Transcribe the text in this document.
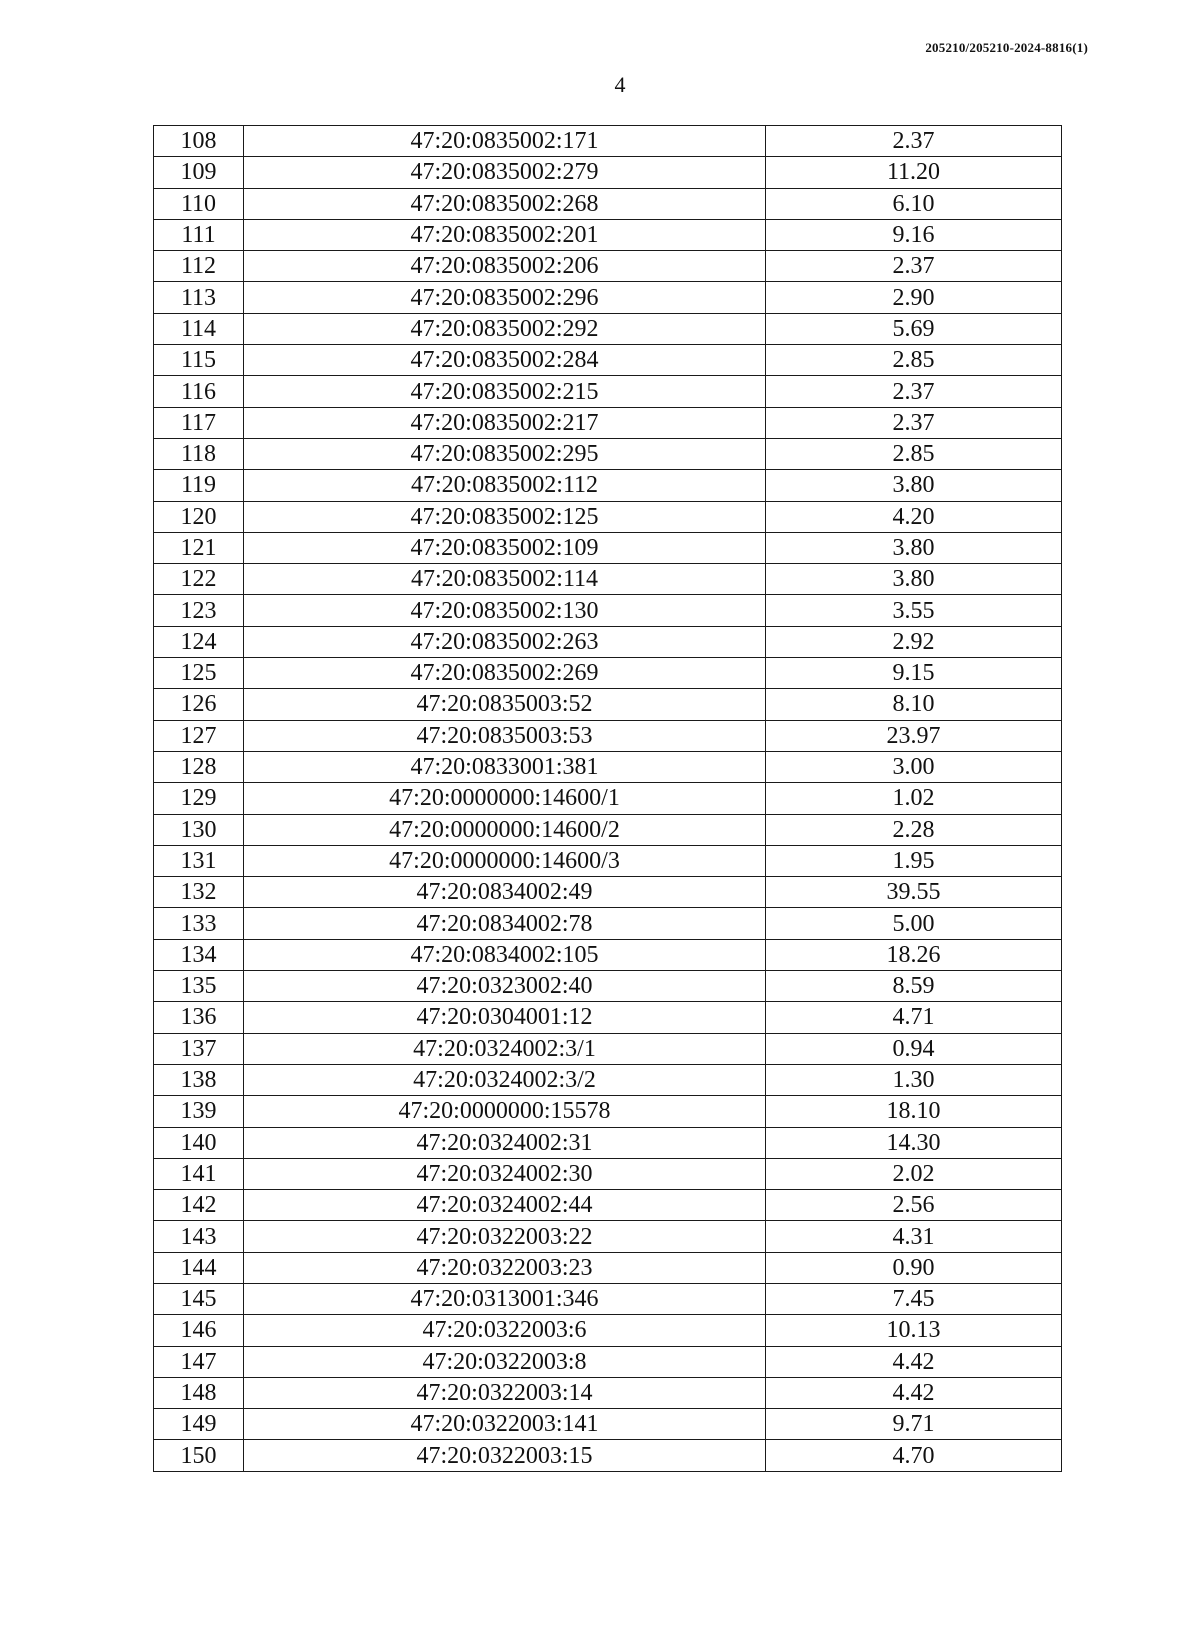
205210/205210-2024-8816(1)
4
108	47:20:0835002:171	2.37
109	47:20:0835002:279	11.20
110	47:20:0835002:268	6.10
111	47:20:0835002:201	9.16
112	47:20:0835002:206	2.37
113	47:20:0835002:296	2.90
114	47:20:0835002:292	5.69
115	47:20:0835002:284	2.85
116	47:20:0835002:215	2.37
117	47:20:0835002:217	2.37
118	47:20:0835002:295	2.85
119	47:20:0835002:112	3.80
120	47:20:0835002:125	4.20
121	47:20:0835002:109	3.80
122	47:20:0835002:114	3.80
123	47:20:0835002:130	3.55
124	47:20:0835002:263	2.92
125	47:20:0835002:269	9.15
126	47:20:0835003:52	8.10
127	47:20:0835003:53	23.97
128	47:20:0833001:381	3.00
129	47:20:0000000:14600/1	1.02
130	47:20:0000000:14600/2	2.28
131	47:20:0000000:14600/3	1.95
132	47:20:0834002:49	39.55
133	47:20:0834002:78	5.00
134	47:20:0834002:105	18.26
135	47:20:0323002:40	8.59
136	47:20:0304001:12	4.71
137	47:20:0324002:3/1	0.94
138	47:20:0324002:3/2	1.30
139	47:20:0000000:15578	18.10
140	47:20:0324002:31	14.30
141	47:20:0324002:30	2.02
142	47:20:0324002:44	2.56
143	47:20:0322003:22	4.31
144	47:20:0322003:23	0.90
145	47:20:0313001:346	7.45
146	47:20:0322003:6	10.13
147	47:20:0322003:8	4.42
148	47:20:0322003:14	4.42
149	47:20:0322003:141	9.71
150	47:20:0322003:15	4.70
